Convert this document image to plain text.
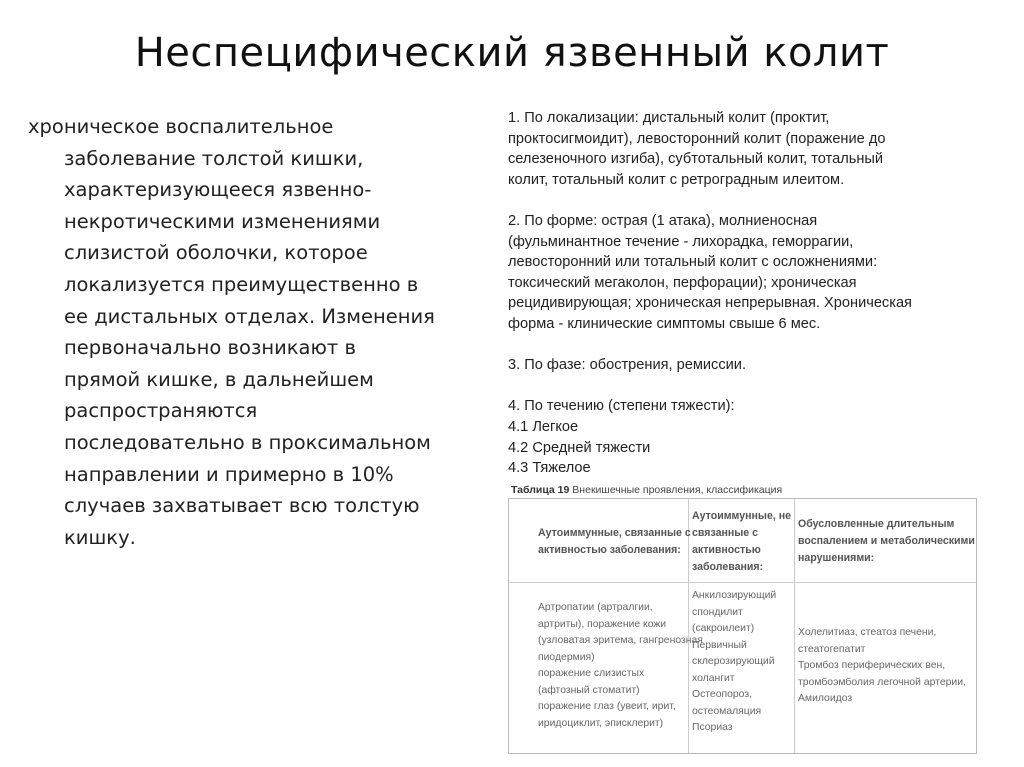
Неспецифический язвенный колит
хроническое воспалительное
заболевание толстой кишки,
характеризующееся язвенно-
некротическими изменениями
слизистой оболочки, которое
локализуется преимущественно в
ее дистальных отделах. Изменения
первоначально возникают в
прямой кишке, в дальнейшем
распространяются
последовательно в проксимальном
направлении и примерно в 10%
случаев захватывает всю толстую
кишку.
1. По локализации: дистальный колит (проктит,
проктосигмоидит), левосторонний колит (поражение до
селезеночного изгиба), субтотальный колит, тотальный
колит, тотальный колит с ретроградным илеитом.
2. По форме: острая (1 атака), молниеносная
(фульминантное течение - лихорадка, геморрагии,
левосторонний или тотальный колит с осложнениями:
токсический мегаколон, перфорации); хроническая
рецидивирующая; хроническая непрерывная. Хроническая
форма - клинические симптомы свыше 6 мес.
3. По фазе: обострения, ремиссии.
4. По течению (степени тяжести):
4.1 Легкое
4.2 Средней тяжести
4.3 Тяжелое
Таблица 19 Внекишечные проявления, классификация
Аутоиммунные, связанные с
активностью заболевания:
Аутоиммунные, не
связанные с
активностью
заболевания:
Обусловленные длительным
воспалением и метаболическими
нарушениями:
Артропатии (артралгии,
артриты), поражение кожи
(узловатая эритема, гангренозная
пиодермия)
поражение слизистых
(афтозный стоматит)
поражение глаз (увеит, ирит,
иридоциклит, эписклерит)
Анкилозирующий
спондилит
(сакроилеит)
Первичный
склерозирующий
холангит
Остеопороз,
остеомаляция
Псориаз
Холелитиаз, стеатоз печени,
стеатогепатит
Тромбоз периферических вен,
тромбоэмболия легочной артерии,
Амилоидоз
